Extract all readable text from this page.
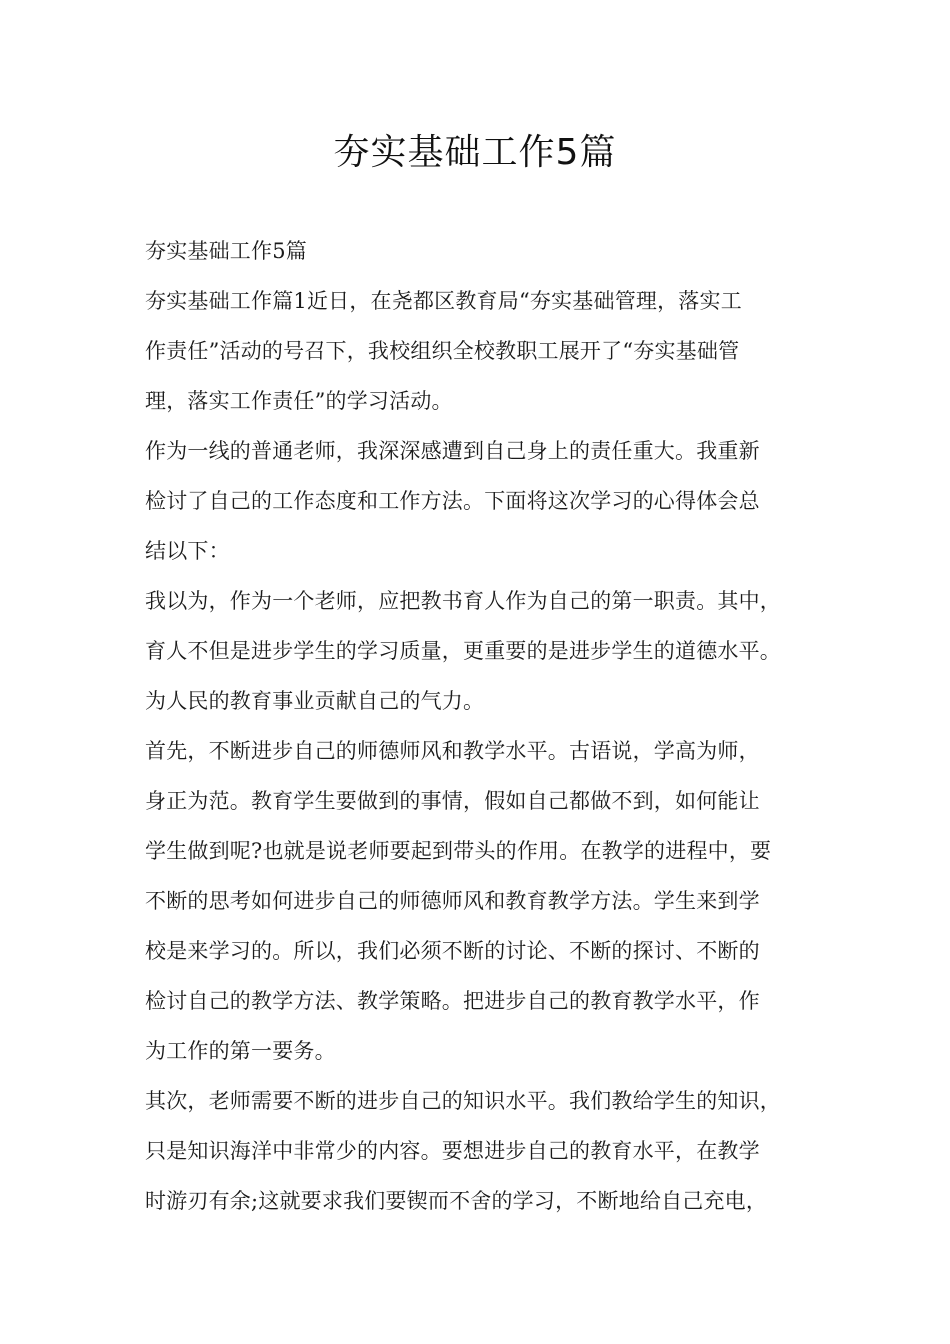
夯实基础工作5篇
夯实基础工作5篇
夯实基础工作篇1近日，在尧都区教育局“夯实基础管理，落实工
作责任”活动的号召下，我校组织全校教职工展开了“夯实基础管
理，落实工作责任”的学习活动。
作为一线的普通老师，我深深感遭到自己身上的责任重大。我重新
检讨了自己的工作态度和工作方法。下面将这次学习的心得体会总
结以下：
我以为，作为一个老师，应把教书育人作为自己的第一职责。其中，
育人不但是进步学生的学习质量，更重要的是进步学生的道德水平。
为人民的教育事业贡献自己的气力。
首先，不断进步自己的师德师风和教学水平。古语说，学高为师，
身正为范。教育学生要做到的事情，假如自己都做不到，如何能让
学生做到呢?也就是说老师要起到带头的作用。在教学的进程中，要
不断的思考如何进步自己的师德师风和教育教学方法。学生来到学
校是来学习的。所以，我们必须不断的讨论、不断的探讨、不断的
检讨自己的教学方法、教学策略。把进步自己的教育教学水平，作
为工作的第一要务。
其次，老师需要不断的进步自己的知识水平。我们教给学生的知识，
只是知识海洋中非常少的内容。要想进步自己的教育水平，在教学
时游刃有余;这就要求我们要锲而不舍的学习，不断地给自己充电，
